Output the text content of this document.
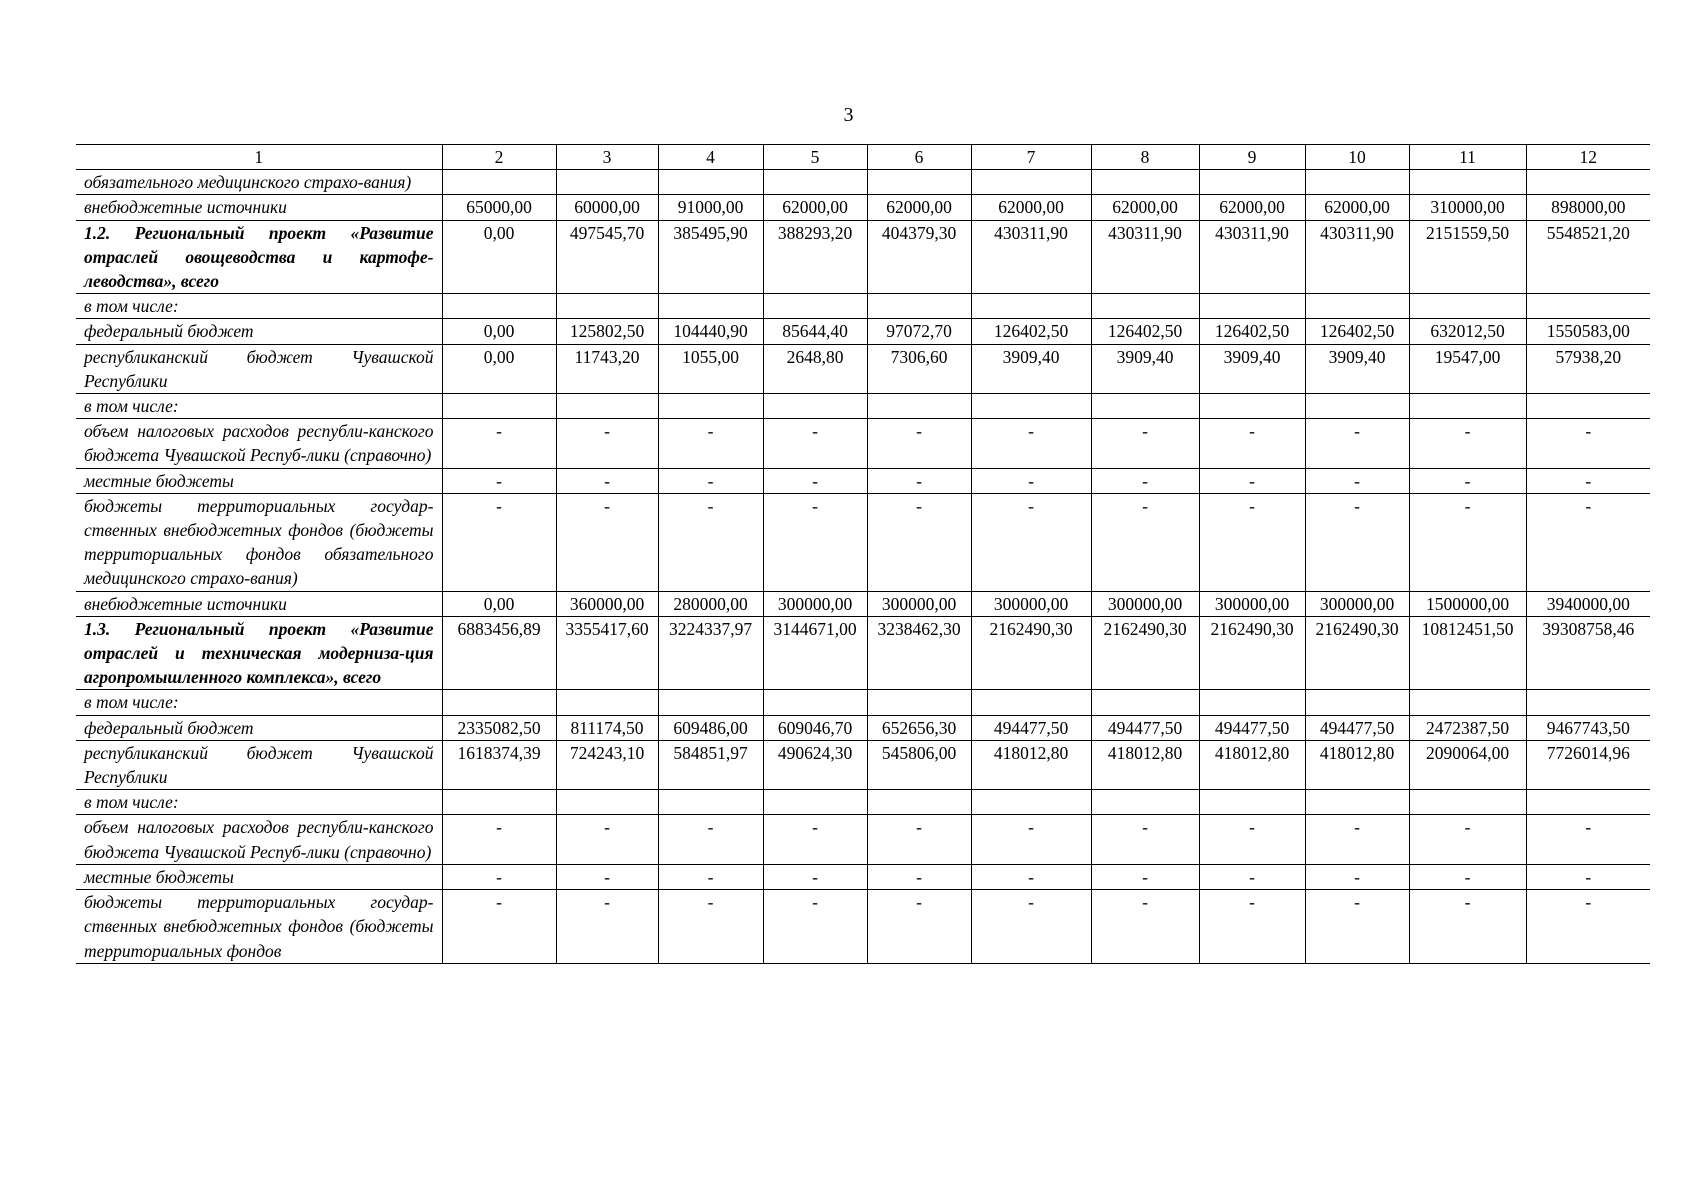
3
1	2	3	4	5	6	7	8	9	10	11	12
обязательного медицинского страхо-вания)											
внебюджетные источники	65000,00	60000,00	91000,00	62000,00	62000,00	62000,00	62000,00	62000,00	62000,00	310000,00	898000,00
1.2. Региональный проект «Развитие отраслей овощеводства и картофе-леводства», всего	0,00	497545,70	385495,90	388293,20	404379,30	430311,90	430311,90	430311,90	430311,90	2151559,50	5548521,20
в том числе:											
федеральный бюджет	0,00	125802,50	104440,90	85644,40	97072,70	126402,50	126402,50	126402,50	126402,50	632012,50	1550583,00
республиканский бюджет Чувашской Республики	0,00	11743,20	1055,00	2648,80	7306,60	3909,40	3909,40	3909,40	3909,40	19547,00	57938,20
в том числе:											
объем налоговых расходов республи-канского бюджета Чувашской Респуб-лики (справочно)	-	-	-	-	-	-	-	-	-	-	-
местные бюджеты	-	-	-	-	-	-	-	-	-	-	-
бюджеты территориальных государ-ственных внебюджетных фондов (бюджеты территориальных фондов обязательного медицинского страхо-вания)	-	-	-	-	-	-	-	-	-	-	-
внебюджетные источники	0,00	360000,00	280000,00	300000,00	300000,00	300000,00	300000,00	300000,00	300000,00	1500000,00	3940000,00
1.3. Региональный проект «Развитие отраслей и техническая модерниза-ция агропромышленного комплекса», всего	6883456,89	3355417,60	3224337,97	3144671,00	3238462,30	2162490,30	2162490,30	2162490,30	2162490,30	10812451,50	39308758,46
в том числе:											
федеральный бюджет	2335082,50	811174,50	609486,00	609046,70	652656,30	494477,50	494477,50	494477,50	494477,50	2472387,50	9467743,50
республиканский бюджет Чувашской Республики	1618374,39	724243,10	584851,97	490624,30	545806,00	418012,80	418012,80	418012,80	418012,80	2090064,00	7726014,96
в том числе:											
объем налоговых расходов республи-канского бюджета Чувашской Респуб-лики (справочно)	-	-	-	-	-	-	-	-	-	-	-
местные бюджеты	-	-	-	-	-	-	-	-	-	-	-
бюджеты территориальных государ-ственных внебюджетных фондов (бюджеты территориальных фондов	-	-	-	-	-	-	-	-	-	-	-
